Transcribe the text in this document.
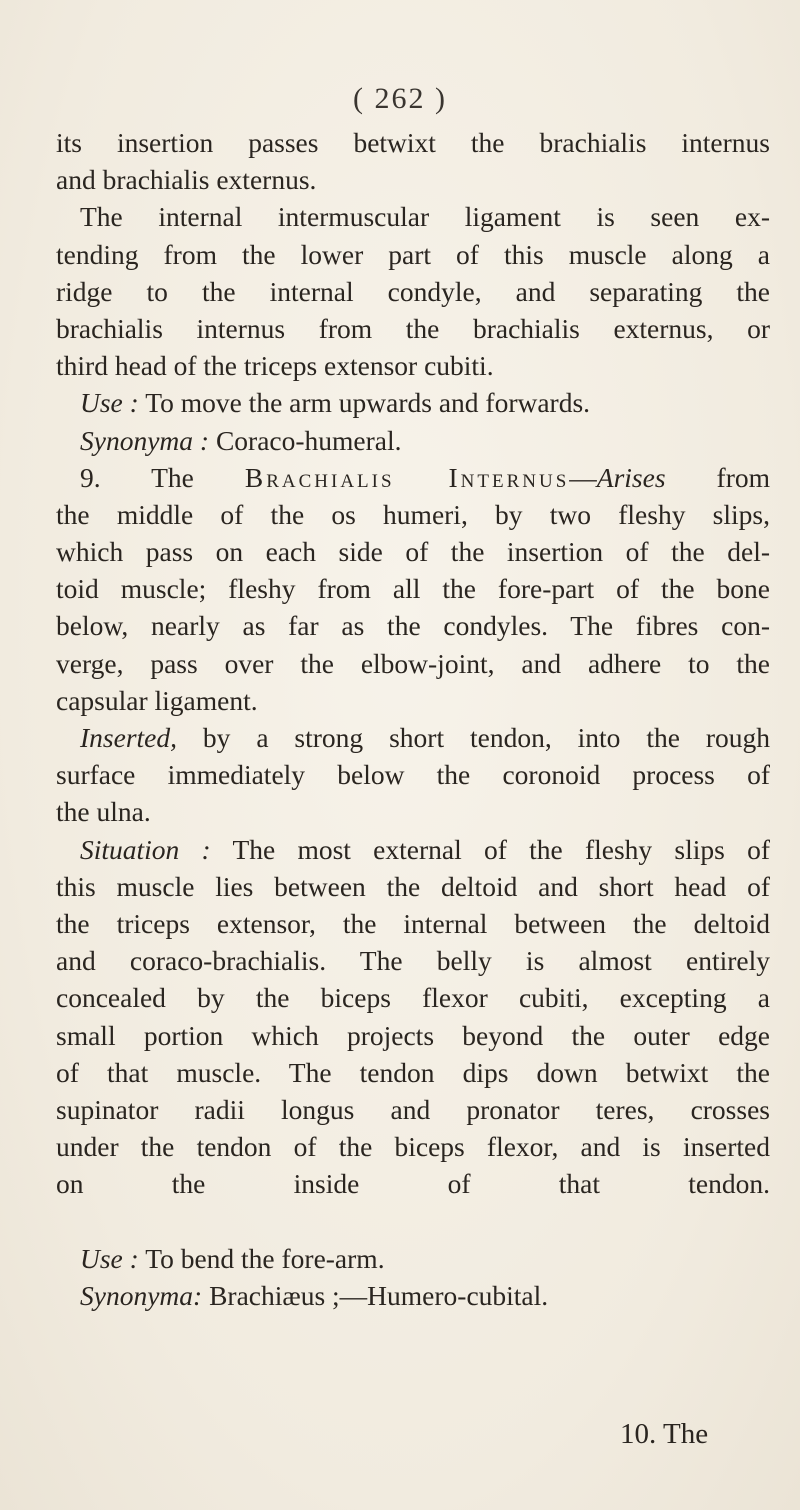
( 262 )
its insertion passes betwixt the brachialis internus
and brachialis externus.
The internal intermuscular ligament is seen ex-
tending from the lower part of this muscle along a
ridge to the internal condyle, and separating the
brachialis internus from the brachialis externus, or
third head of the triceps extensor cubiti.
Use : To move the arm upwards and forwards.
Synonyma : Coraco-humeral.
9. The Brachialis Internus—Arises from
the middle of the os humeri, by two fleshy slips,
which pass on each side of the insertion of the del-
toid muscle; fleshy from all the fore-part of the bone
below, nearly as far as the condyles. The fibres con-
verge, pass over the elbow-joint, and adhere to the
capsular ligament.
Inserted, by a strong short tendon, into the rough
surface immediately below the coronoid process of
the ulna.
Situation : The most external of the fleshy slips of
this muscle lies between the deltoid and short head of
the triceps extensor, the internal between the deltoid
and coraco-brachialis. The belly is almost entirely
concealed by the biceps flexor cubiti, excepting a
small portion which projects beyond the outer edge
of that muscle. The tendon dips down betwixt the
supinator radii longus and pronator teres, crosses
under the tendon of the biceps flexor, and is inserted
on the inside of that tendon.
Use : To bend the fore-arm.
Synonyma: Brachiæus ;—Humero-cubital.
10. The
